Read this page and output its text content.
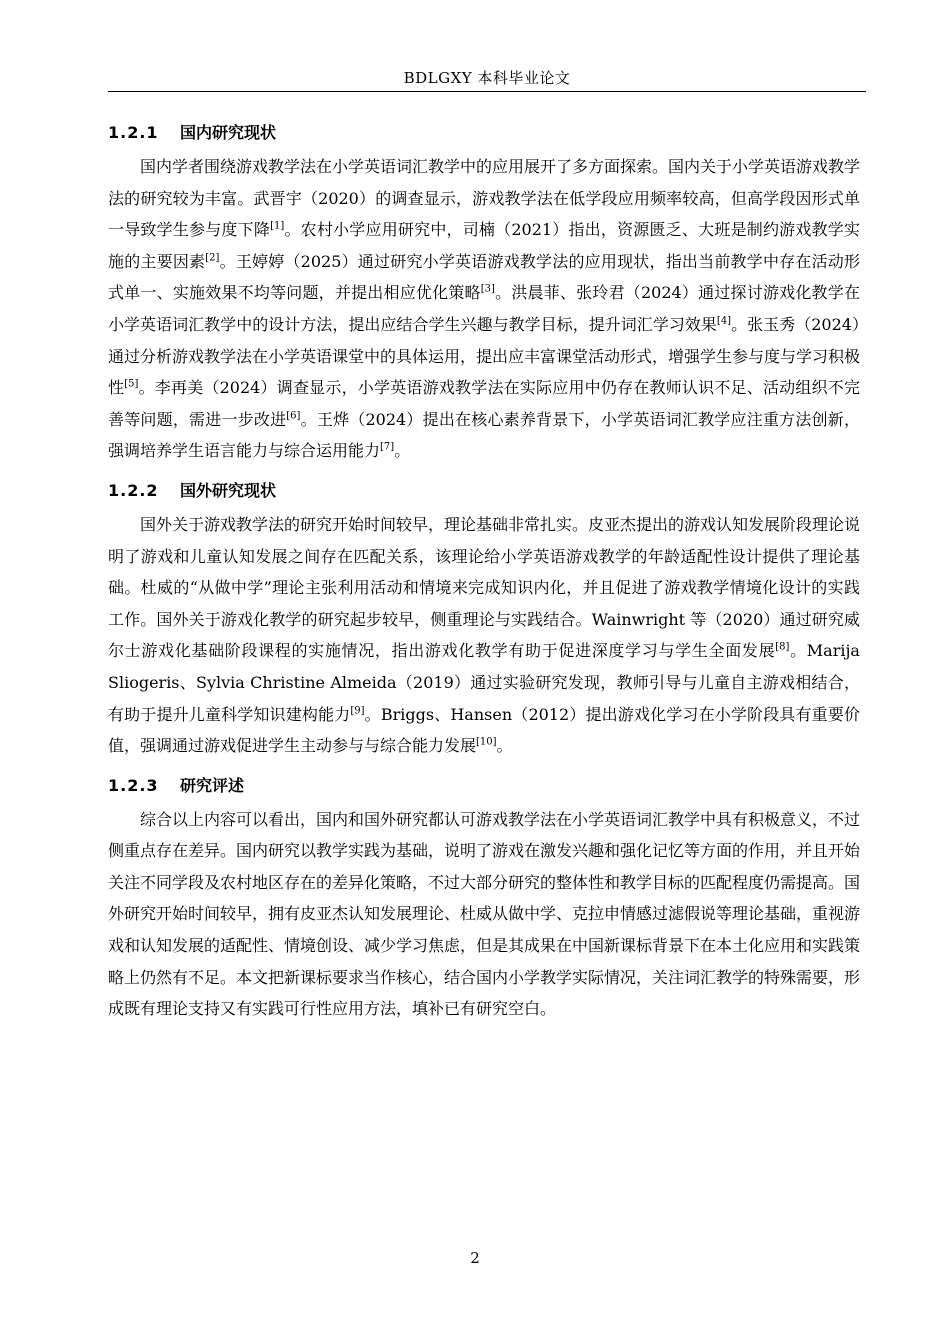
BDLGXY 本科毕业论文
1.2.1 国内研究现状

国内学者围绕游戏教学法在小学英语词汇教学中的应用展开了多方面探索。国内关于小学英语游戏教学法的研究较为丰富。武晋宇（2020）的调查显示，游戏教学法在低学段应用频率较高，但高学段因形式单一导致学生参与度下降[1]。农村小学应用研究中，司楠（2021）指出，资源匮乏、大班是制约游戏教学实施的主要因素[2]。王婷婷（2025）通过研究小学英语游戏教学法的应用现状，指出当前教学中存在活动形式单一、实施效果不均等问题，并提出相应优化策略[3]。洪晨菲、张玲君（2024）通过探讨游戏化教学在小学英语词汇教学中的设计方法，提出应结合学生兴趣与教学目标，提升词汇学习效果[4]。张玉秀（2024）通过分析游戏教学法在小学英语课堂中的具体运用，提出应丰富课堂活动形式，增强学生参与度与学习积极性[5]。李再美（2024）调查显示，小学英语游戏教学法在实际应用中仍存在教师认识不足、活动组织不完善等问题，需进一步改进[6]。王烨（2024）提出在核心素养背景下，小学英语词汇教学应注重方法创新，强调培养学生语言能力与综合运用能力[7]。

1.2.2 国外研究现状

国外关于游戏教学法的研究开始时间较早，理论基础非常扎实。皮亚杰提出的游戏认知发展阶段理论说明了游戏和儿童认知发展之间存在匹配关系，该理论给小学英语游戏教学的年龄适配性设计提供了理论基础。杜威的“从做中学”理论主张利用活动和情境来完成知识内化，并且促进了游戏教学情境化设计的实践工作。国外关于游戏化教学的研究起步较早，侧重理论与实践结合。Wainwright 等（2020）通过研究威尔士游戏化基础阶段课程的实施情况，指出游戏化教学有助于促进深度学习与学生全面发展[8]。Marija Sliogeris、Sylvia Christine Almeida（2019）通过实验研究发现，教师引导与儿童自主游戏相结合，有助于提升儿童科学知识建构能力[9]。Briggs、Hansen（2012）提出游戏化学习在小学阶段具有重要价值，强调通过游戏促进学生主动参与与综合能力发展[10]。

1.2.3 研究评述

综合以上内容可以看出，国内和国外研究都认可游戏教学法在小学英语词汇教学中具有积极意义，不过侧重点存在差异。国内研究以教学实践为基础，说明了游戏在激发兴趣和强化记忆等方面的作用，并且开始关注不同学段及农村地区存在的差异化策略，不过大部分研究的整体性和教学目标的匹配程度仍需提高。国外研究开始时间较早，拥有皮亚杰认知发展理论、杜威从做中学、克拉申情感过滤假说等理论基础，重视游戏和认知发展的适配性、情境创设、减少学习焦虑，但是其成果在中国新课标背景下在本土化应用和实践策略上仍然有不足。本文把新课标要求当作核心，结合国内小学教学实际情况，关注词汇教学的特殊需要，形成既有理论支持又有实践可行性应用方法，填补已有研究空白。

2
